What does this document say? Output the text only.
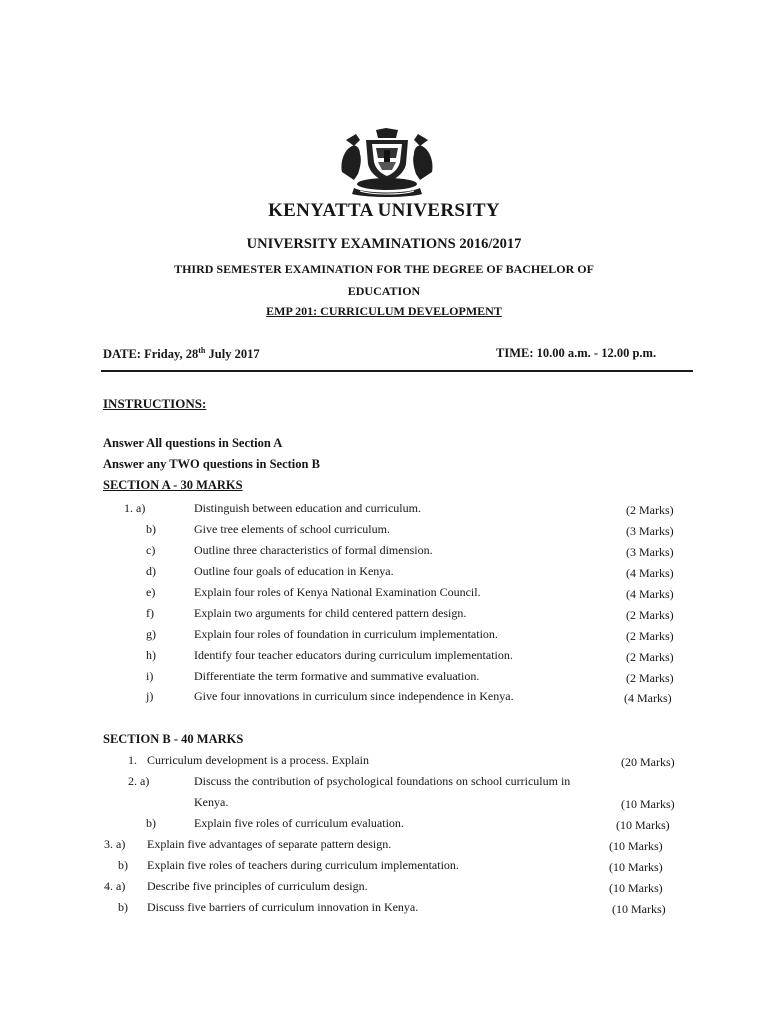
KENYATTA UNIVERSITY
UNIVERSITY EXAMINATIONS 2016/2017
THIRD SEMESTER EXAMINATION FOR THE DEGREE OF BACHELOR OF
EDUCATION
EMP 201: CURRICULUM DEVELOPMENT
DATE: Friday, 28th July 2017	TIME: 10.00 a.m. - 12.00 p.m.
INSTRUCTIONS:
Answer All questions in Section A
Answer any TWO questions in Section B
SECTION A - 30 MARKS
1. a)	Distinguish between education and curriculum.	(2 Marks)
b)	Give tree elements of school curriculum.	(3 Marks)
c)	Outline three characteristics of formal dimension.	(3 Marks)
d)	Outline four goals of education in Kenya.	(4 Marks)
e)	Explain four roles of Kenya National Examination Council.	(4 Marks)
f)	Explain two arguments for child centered pattern design.	(2 Marks)
g)	Explain four roles of foundation in curriculum implementation.	(2 Marks)
h)	Identify four teacher educators during curriculum implementation.	(2 Marks)
i)	Differentiate the term formative and summative evaluation.	(2 Marks)
j)	Give four innovations in curriculum since independence in Kenya.	(4 Marks)
SECTION B - 40 MARKS
1. Curriculum development is a process. Explain	(20 Marks)
2. a)	Discuss the contribution of psychological foundations on school curriculum in
Kenya.	(10 Marks)
b)	Explain five roles of curriculum evaluation.	(10 Marks)
3. a) Explain five advantages of separate pattern design.	(10 Marks)
b) Explain five roles of teachers during curriculum implementation.	(10 Marks)
4. a) Describe five principles of curriculum design.	(10 Marks)
b) Discuss five barriers of curriculum innovation in Kenya.	(10 Marks)
